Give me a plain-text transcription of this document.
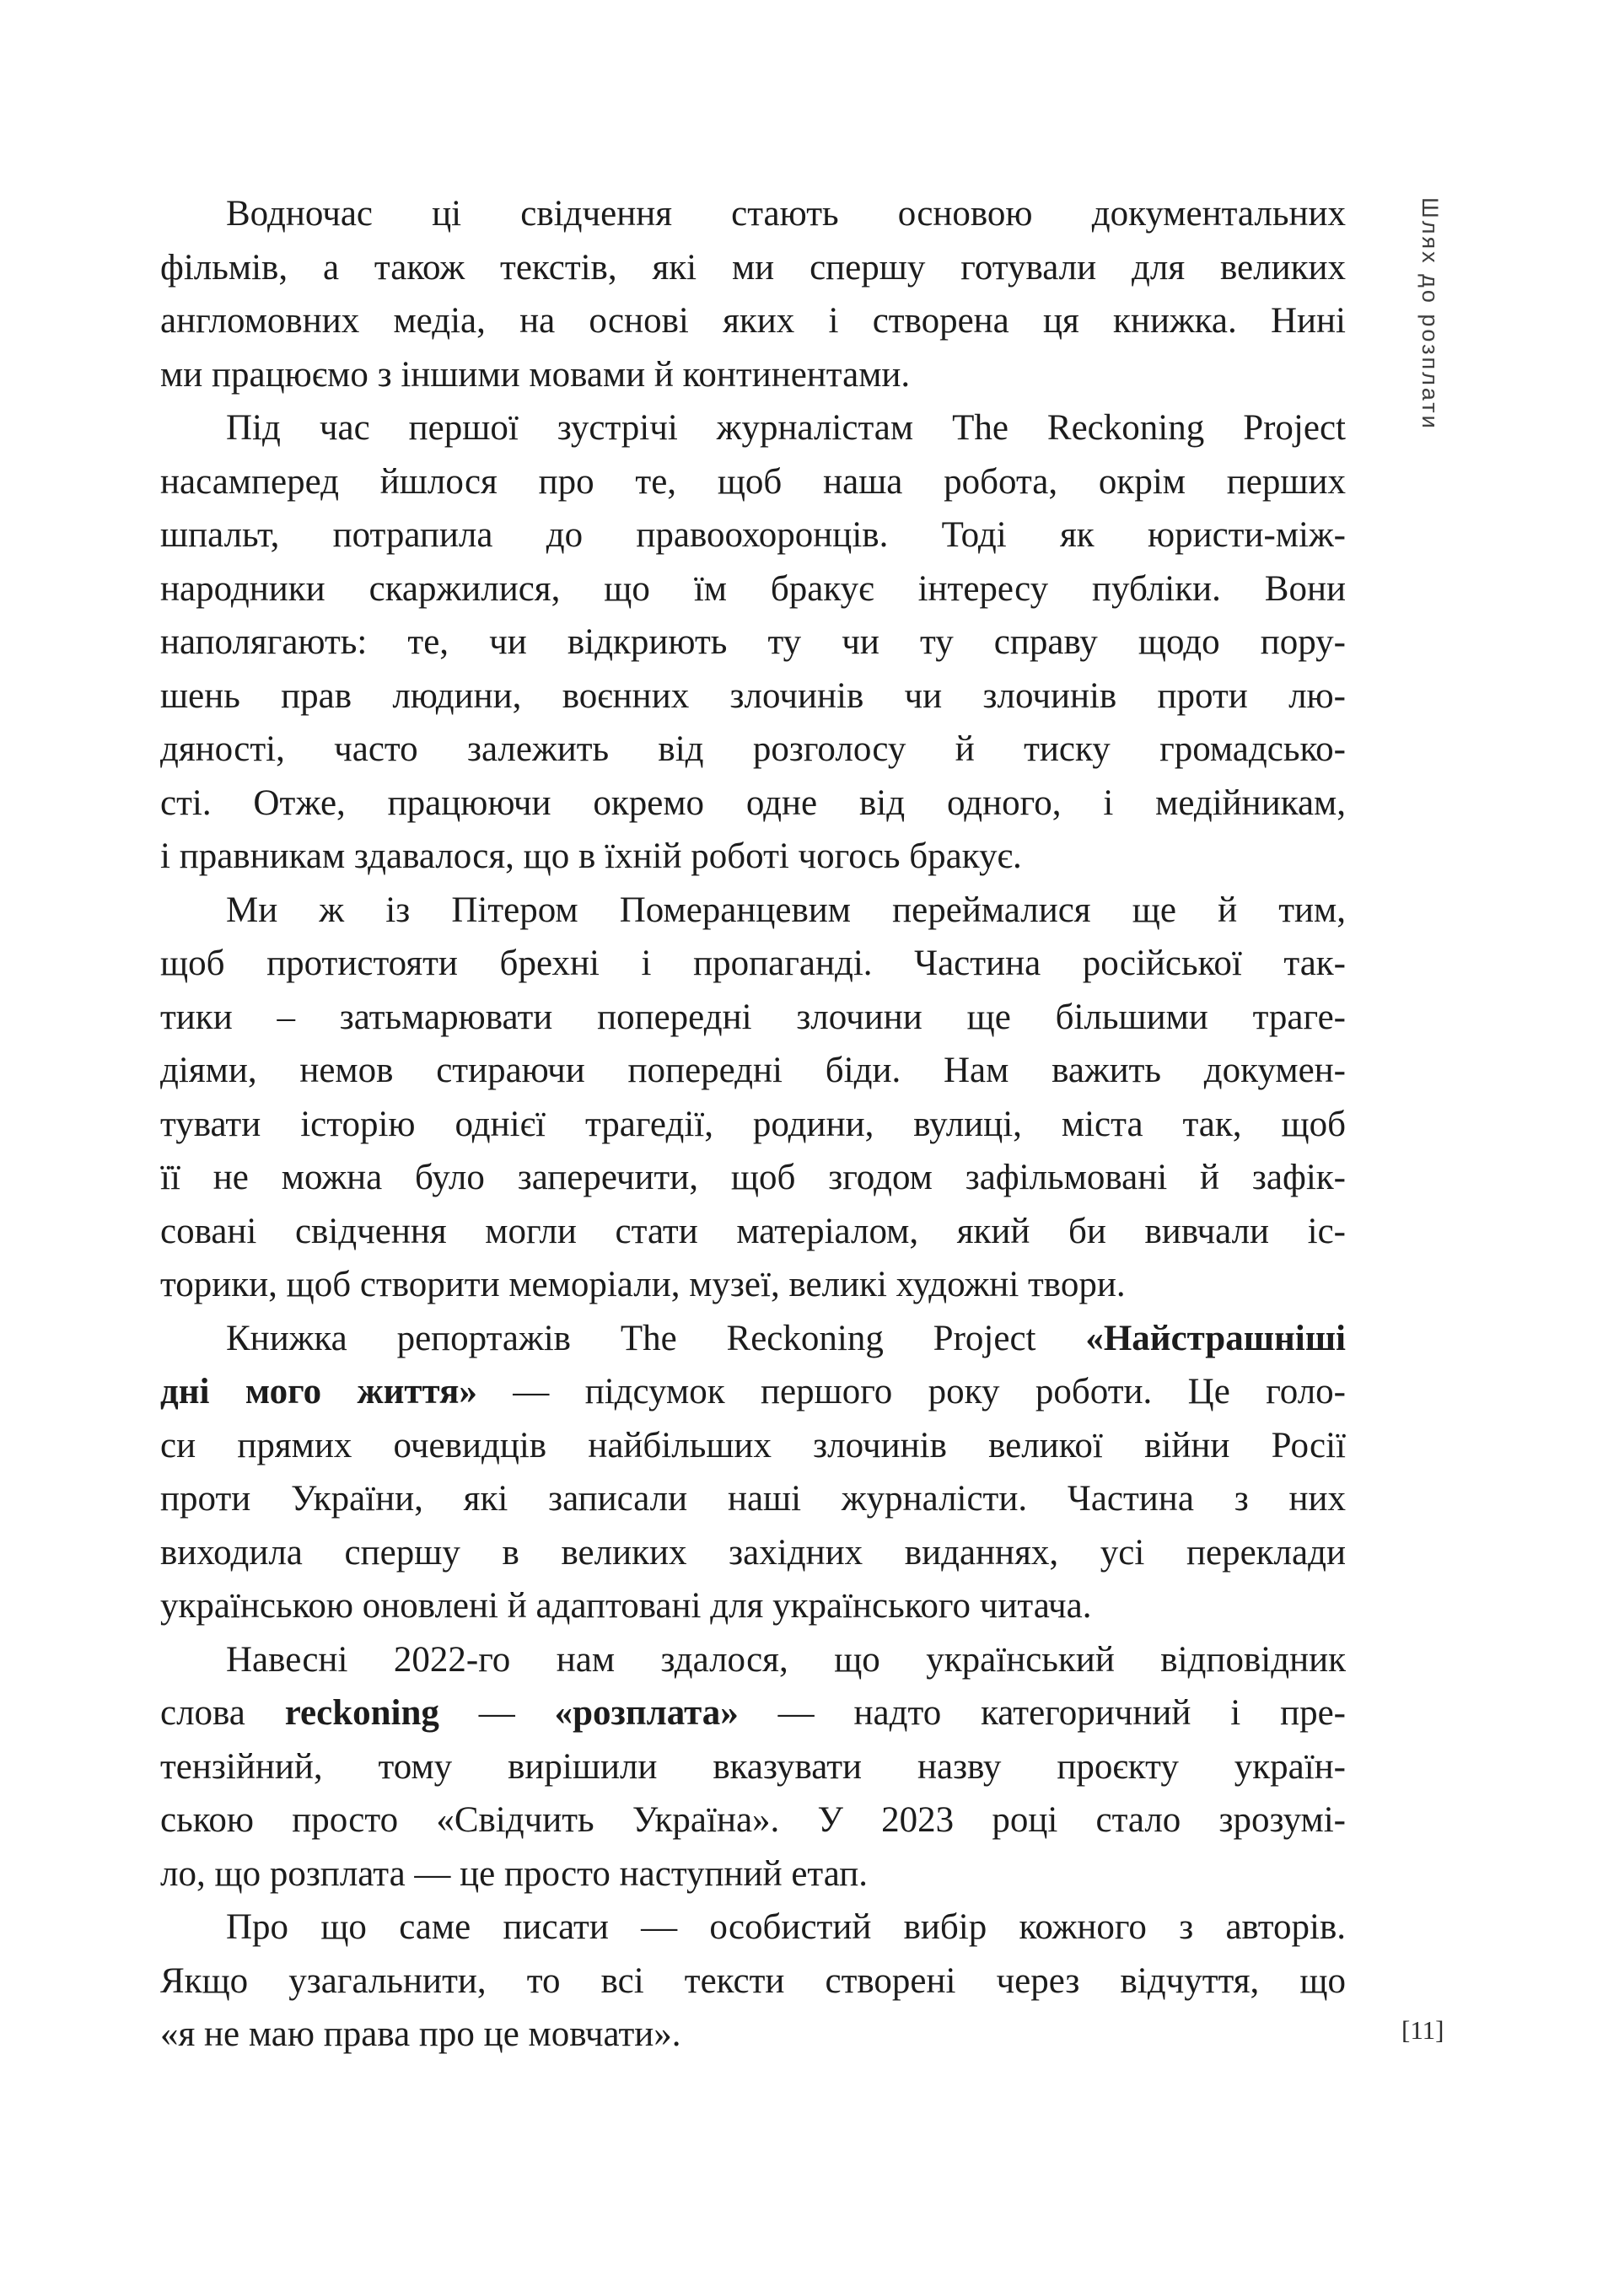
Водночас ці свідчення стають основою документальних
фільмів, а також текстів, які ми спершу готували для великих
англомовних медіа, на основі яких і створена ця книжка. Нині
ми працюємо з іншими мовами й континентами.
Під час першої зустрічі журналістам The Reckoning Project
насамперед йшлося про те, щоб наша робота, окрім перших
шпальт, потрапила до правоохоронців. Тоді як юристи-між-
народники скаржилися, що їм бракує інтересу публіки. Вони
наполягають: те, чи відкриють ту чи ту справу щодо пору-
шень прав людини, воєнних злочинів чи злочинів проти лю-
дяності, часто залежить від розголосу й тиску громадсько-
сті. Отже, працюючи окремо одне від одного, і медійникам,
і правникам здавалося, що в їхній роботі чогось бракує.
Ми ж із Пітером Померанцевим переймалися ще й тим,
щоб протистояти брехні і пропаганді. Частина російської так-
тики – затьмарювати попередні злочини ще більшими траге-
діями, немов стираючи попередні біди. Нам важить докумен-
тувати історію однієї трагедії, родини, вулиці, міста так, щоб
її не можна було заперечити, щоб згодом зафільмовані й зафік-
совані свідчення могли стати матеріалом, який би вивчали іс-
торики, щоб створити меморіали, музеї, великі художні твори.
Книжка репортажів The Reckoning Project «Найстрашніші
дні мого життя» — підсумок першого року роботи. Це голо-
си прямих очевидців найбільших злочинів великої війни Росії
проти України, які записали наші журналісти. Частина з них
виходила спершу в великих західних виданнях, усі переклади
українською оновлені й адаптовані для українського читача.
Навесні 2022-го нам здалося, що український відповідник
слова reckoning — «розплата» — надто категоричний і пре-
тензійний, тому вирішили вказувати назву проєкту україн-
ською просто «Свідчить Україна». У 2023 році стало зрозумі-
ло, що розплата — це просто наступний етап.
Про що саме писати — особистий вибір кожного з авторів.
Якщо узагальнити, то всі тексти створені через відчуття, що
«я не маю права про це мовчати».
Шлях до розплати
[11]
